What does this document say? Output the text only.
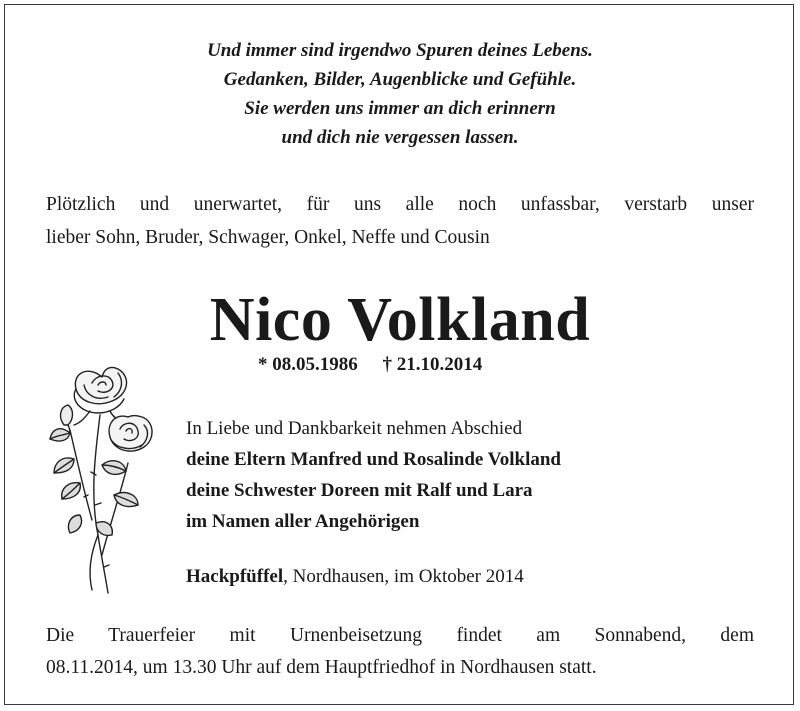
Und immer sind irgendwo Spuren deines Lebens.
Gedanken, Bilder, Augenblicke und Gefühle.
Sie werden uns immer an dich erinnern
und dich nie vergessen lassen.
Plötzlich und unerwartet, für uns alle noch unfassbar, verstarb unser
lieber Sohn, Bruder, Schwager, Onkel, Neffe und Cousin
Nico Volkland
* 08.05.1986 † 21.10.2014
In Liebe und Dankbarkeit nehmen Abschied
deine Eltern Manfred und Rosalinde Volkland
deine Schwester Doreen mit Ralf und Lara
im Namen aller Angehörigen
Hackpfüffel, Nordhausen, im Oktober 2014
Die Trauerfeier mit Urnenbeisetzung findet am Sonnabend, dem
08.11.2014, um 13.30 Uhr auf dem Hauptfriedhof in Nordhausen statt.
